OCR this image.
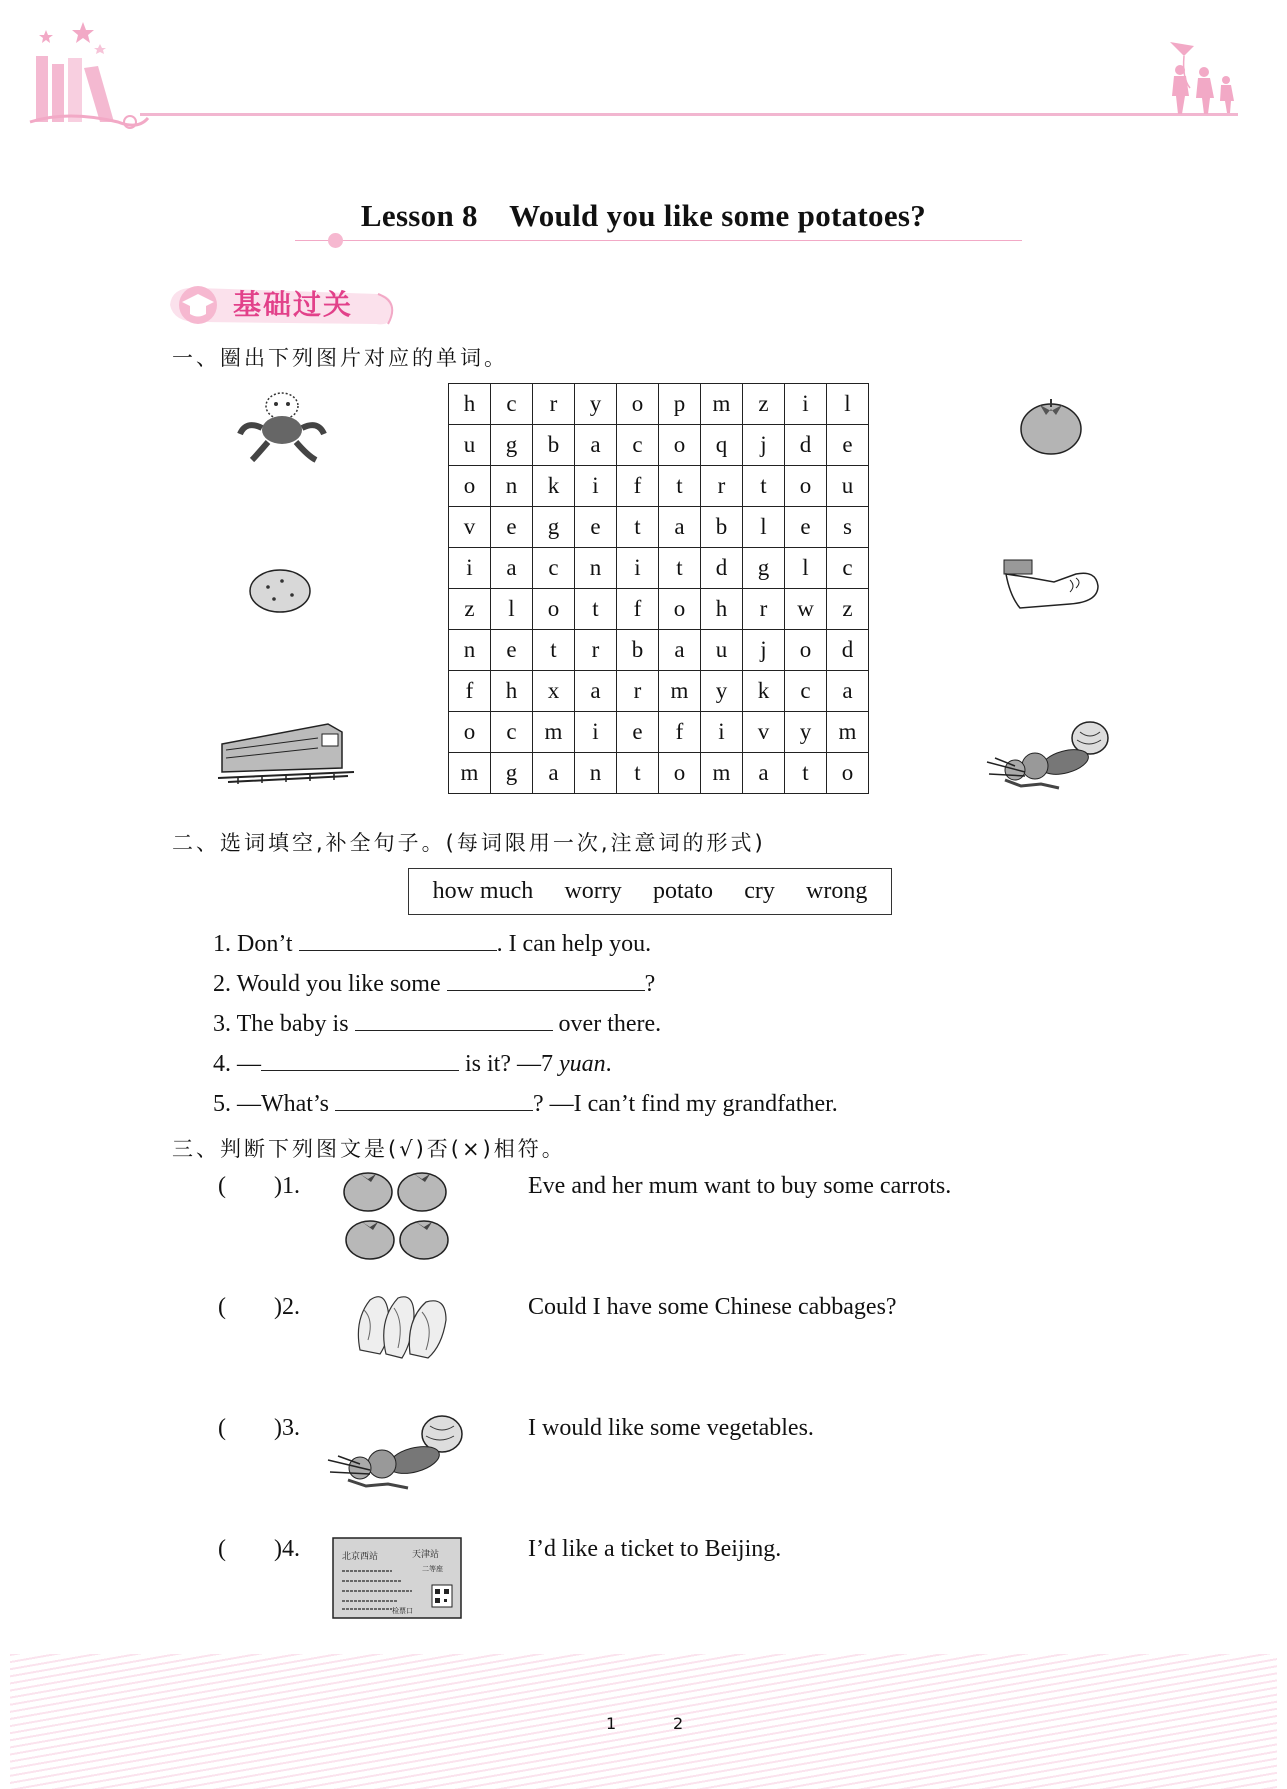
Lesson 8 Would you like some potatoes?
基础过关
一、圈出下列图片对应的单词。
h	c	r	y	o	p	m	z	i	l
u	g	b	a	c	o	q	j	d	e
o	n	k	i	f	t	r	t	o	u
v	e	g	e	t	a	b	l	e	s
i	a	c	n	i	t	d	g	l	c
z	l	o	t	f	o	h	r	w	z
n	e	t	r	b	a	u	j	o	d
f	h	x	a	r	m	y	k	c	a
o	c	m	i	e	f	i	v	y	m
m	g	a	n	t	o	m	a	t	o
二、选词填空,补全句子。(每词限用一次,注意词的形式)
how much worry potato cry wrong
1. Don’t	. I can help you.
2. Would you like some	?
3. The baby is	over there.
4. —	is it? —7 yuan.
5. —What’s	? —I can’t find my grandfather.
三、判断下列图文是(√)否(×)相符。
(  )1.	Eve and her mum want to buy some carrots.
(  )2.	Could I have some Chinese cabbages?
(  )3.	I would like some vegetables.
(  )4.	I’d like a ticket to Beijing.
北京西站	天津站
二等座
检票口
1	2
